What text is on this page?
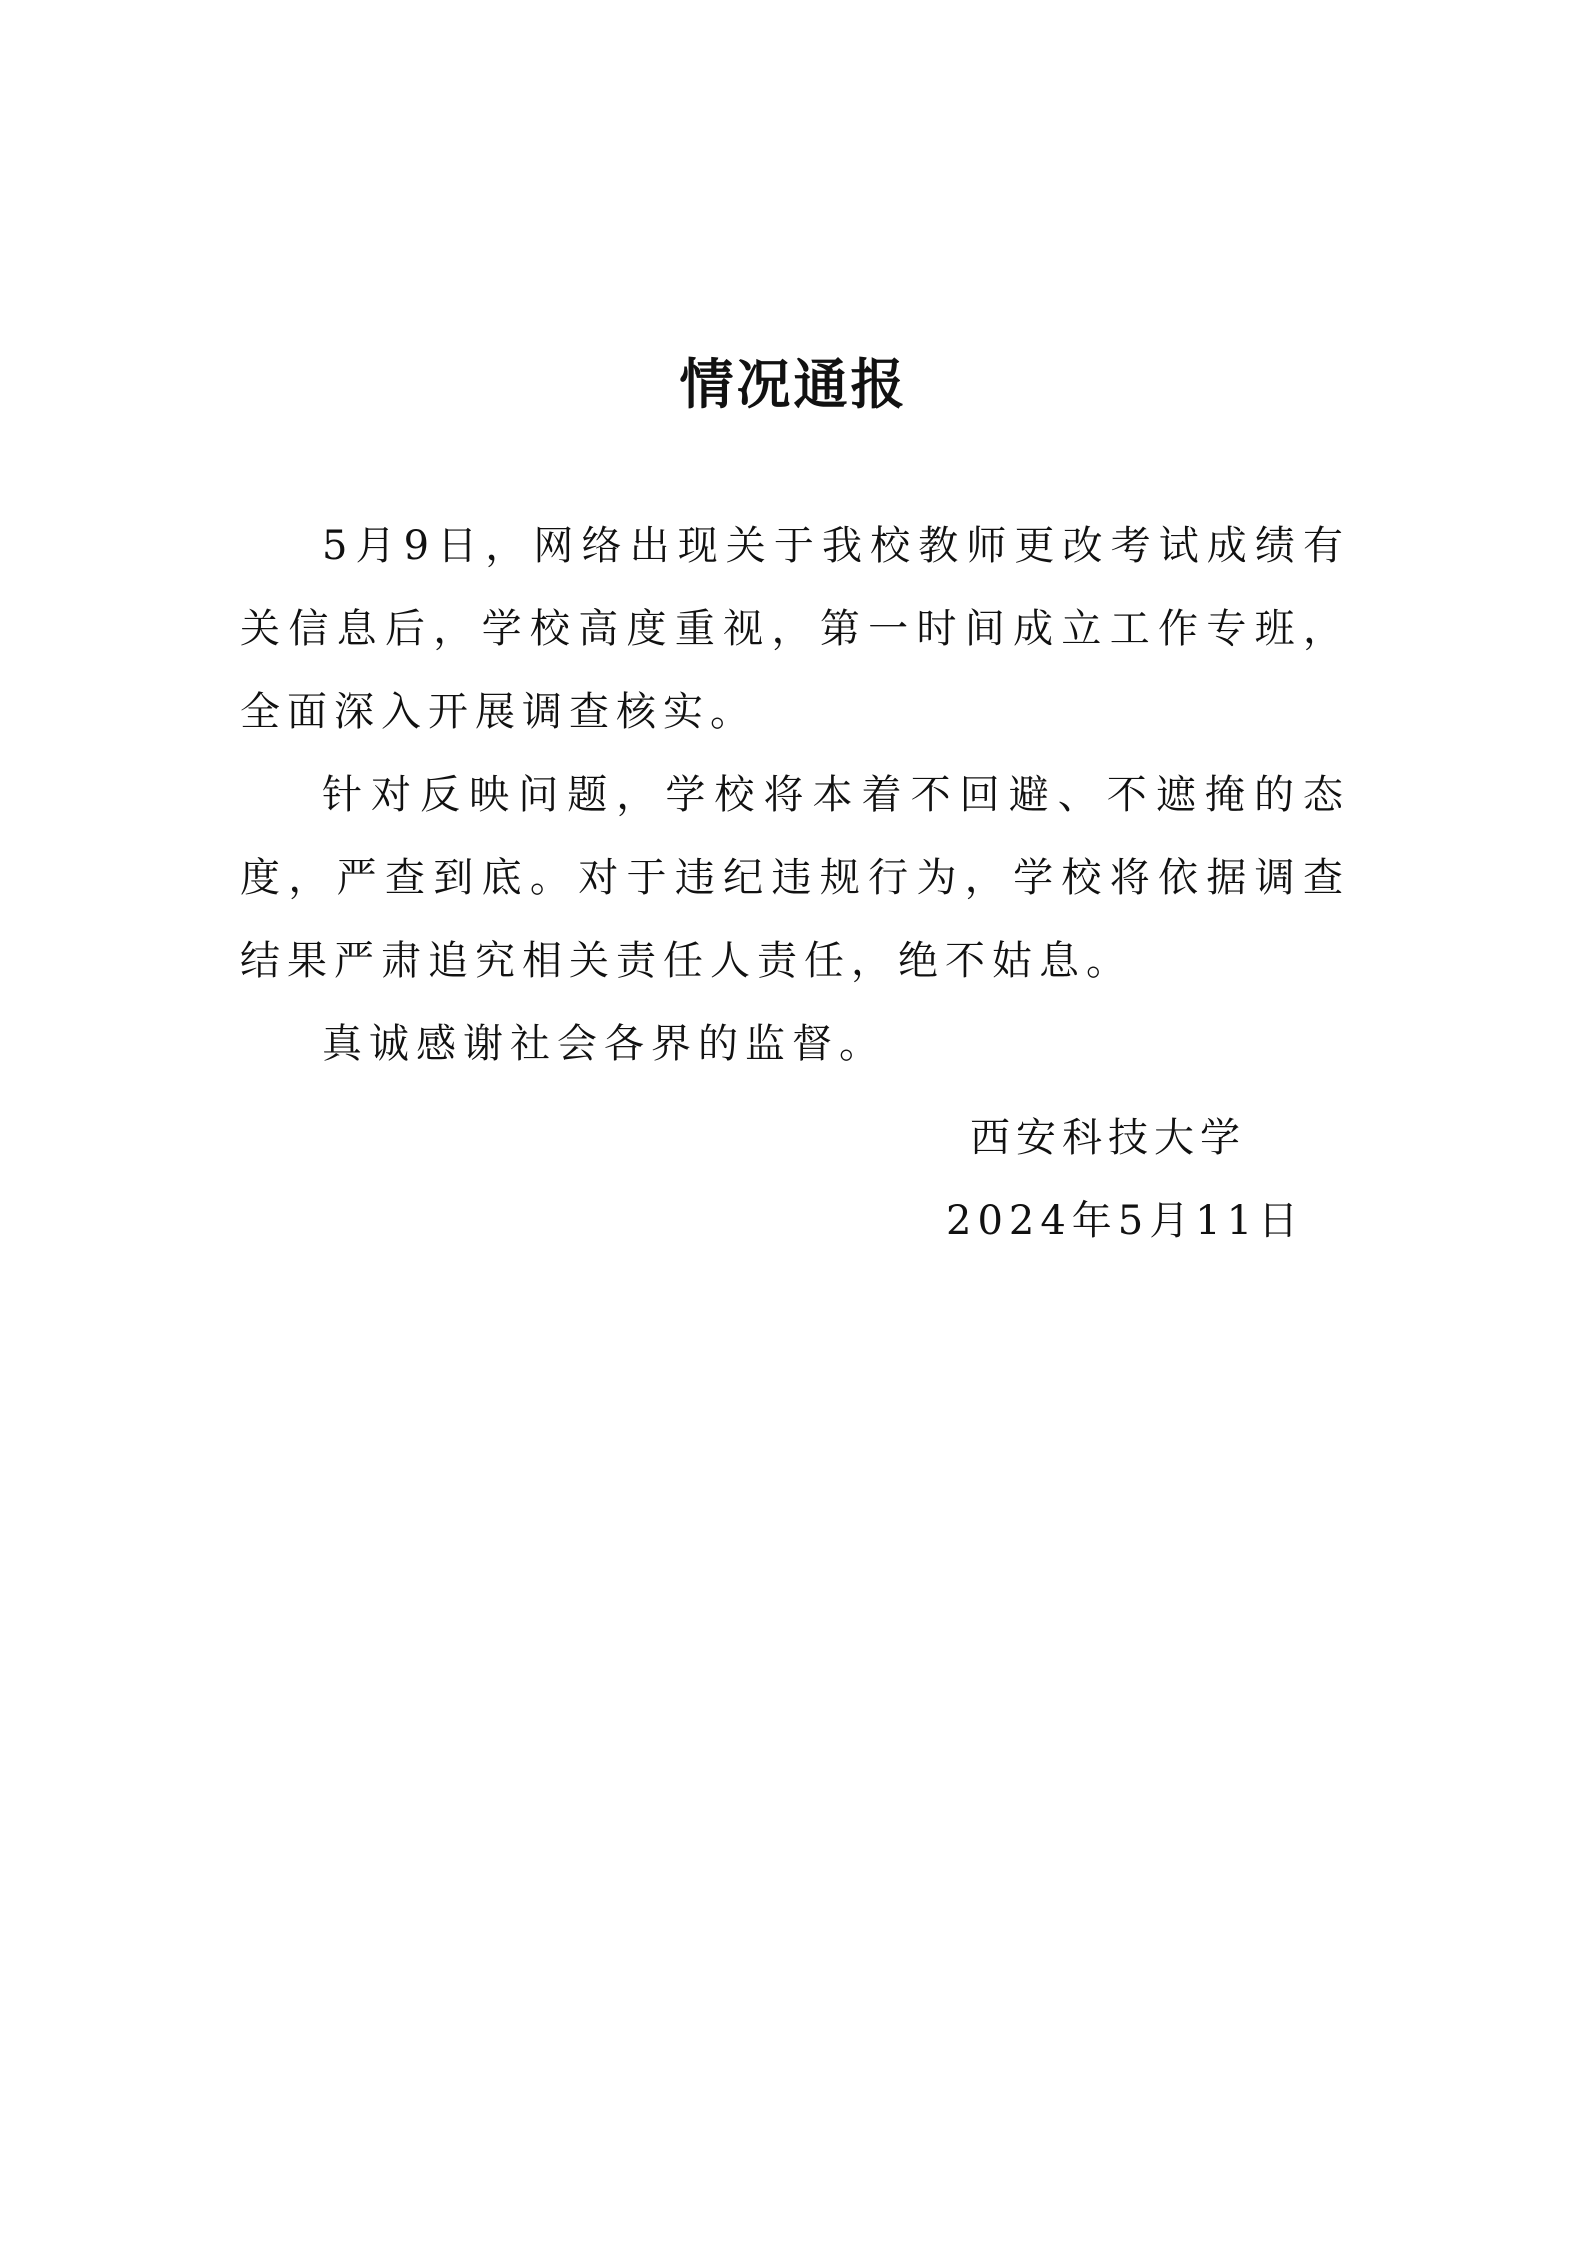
情况通报

5月9日，网络出现关于我校教师更改考试成绩有关信息后，学校高度重视，第一时间成立工作专班，全面深入开展调查核实。

针对反映问题，学校将本着不回避、不遮掩的态度，严查到底。对于违纪违规行为，学校将依据调查结果严肃追究相关责任人责任，绝不姑息。

真诚感谢社会各界的监督。

西安科技大学
2024年5月11日
